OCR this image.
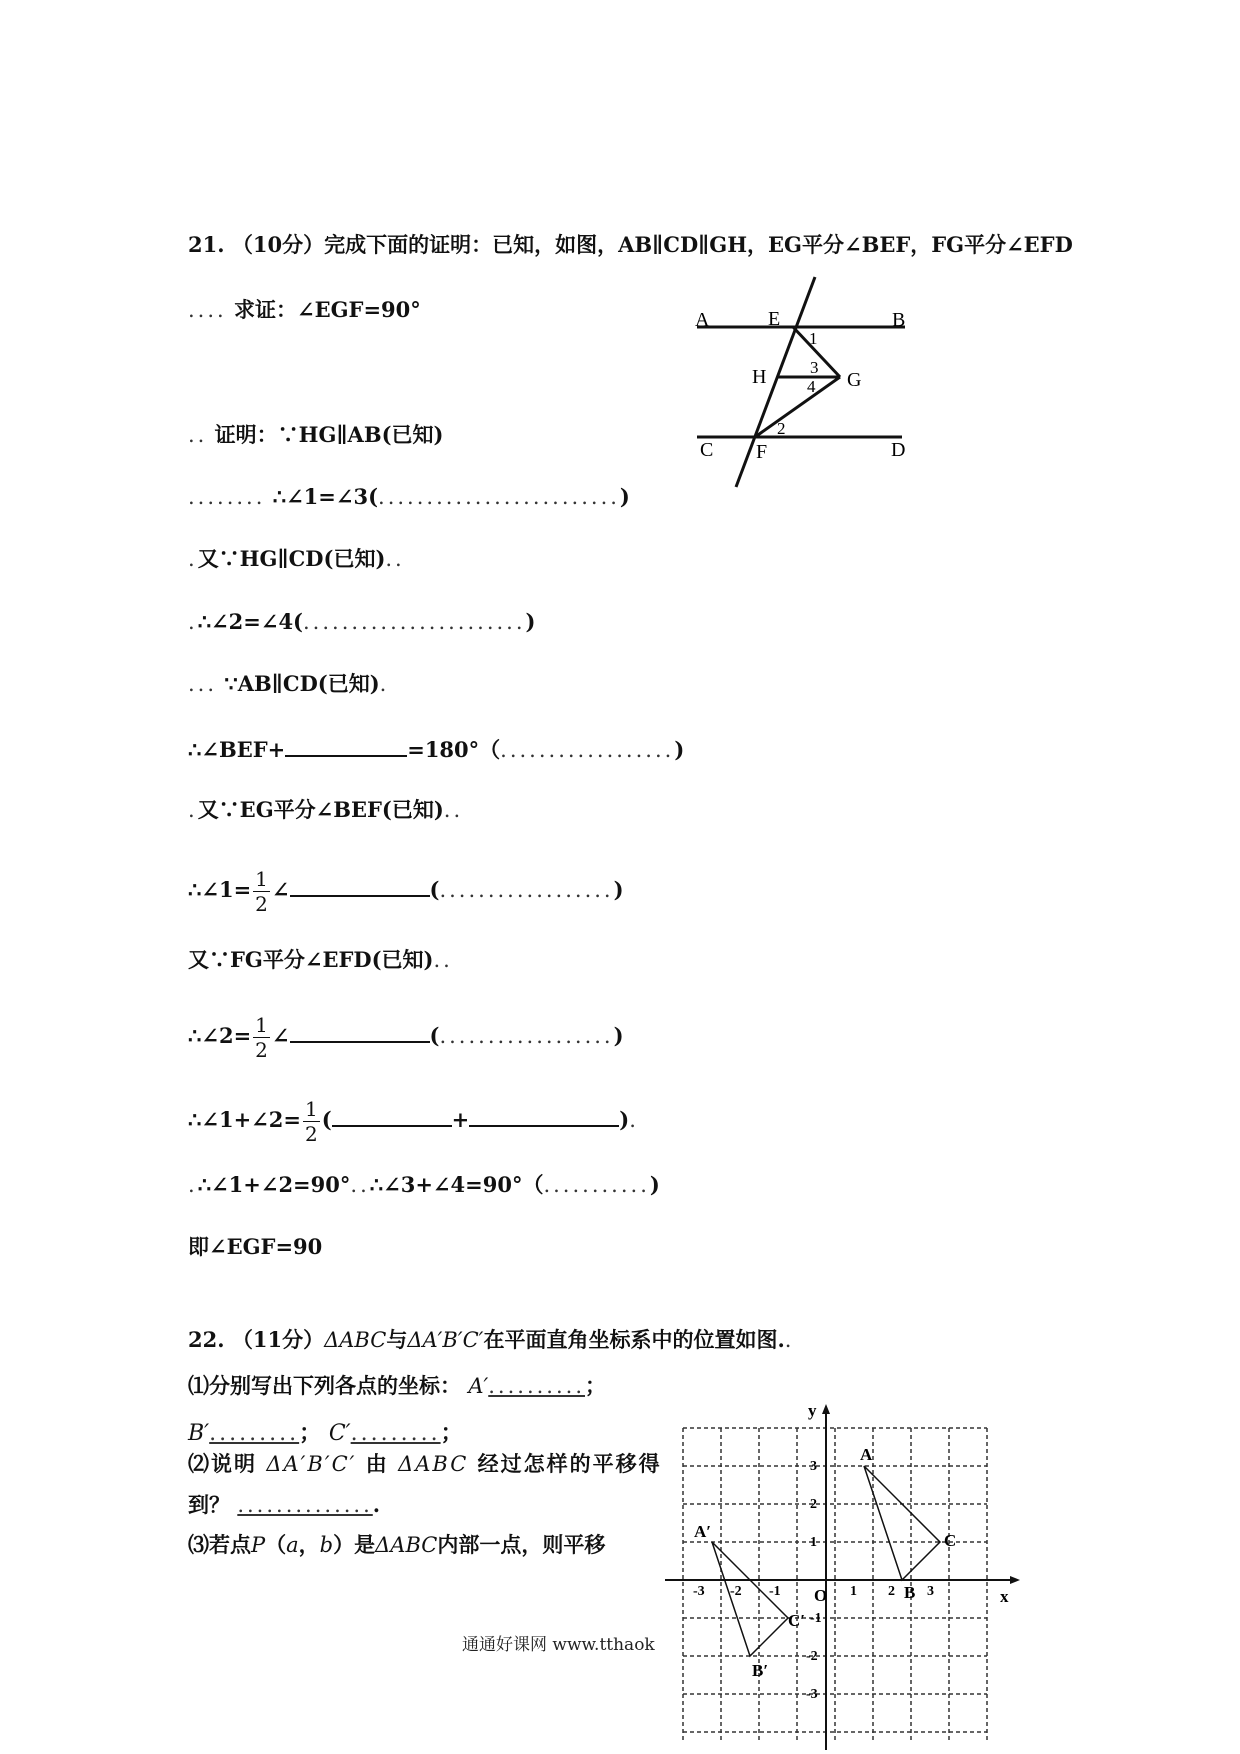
21. （10分）完成下面的证明：已知，如图，AB∥CD∥GH，EG平分∠BEF，FG平分∠EFD
.... 求证：∠EGF=90°
.. 证明：∵HG∥AB(已知)
........ ∴∠1=∠3(.........................)
.又∵HG∥CD(已知)..
.∴∠2=∠4(.......................)
... ∵AB∥CD(已知).
∴∠BEF+	=180°（..................)
.又∵EG平分∠BEF(已知)..
∴∠1= $\frac{1}{2}$ ∠	(..................)
又∵FG平分∠EFD(已知)..
∴∠2= $\frac{1}{2}$ ∠	(..................)
∴∠1+∠2= $\frac{1}{2}$ (	+	).
.∴∠1+∠2=90°..∴∠3+∠4=90°（...........)
即∠EGF=90
A	E	B
1
H	3
4 G
2
C F	D
22. （11分）ΔABC与ΔA′B′C′在平面直角坐标系中的位置如图..
⑴分别写出下列各点的坐标： A′..........；
B′.........； C′.........；
⑵说明 ΔA′B′C′ 由 ΔABC 经过怎样的平移得
到？ ...............
⑶若点P（a，b）是ΔABC内部一点，则平移
y
x
O
-3 -2 -1	1 2 3
3
2
1
-1
-2
-3
A
B
C
A′
B′
C′
通通好课网 www.tthaok
